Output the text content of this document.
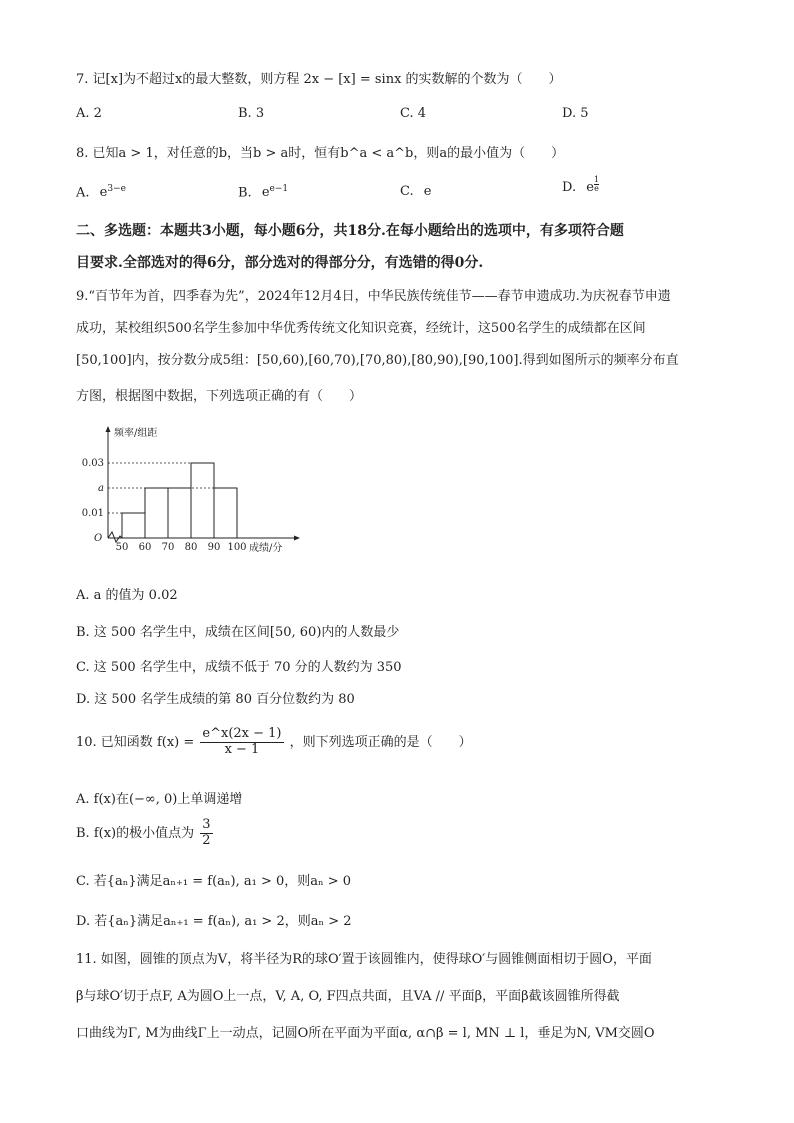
7. 记[x]为不超过x的最大整数，则方程 2x − [x] = sinx 的实数解的个数为（　　）
A. 2	B. 3	C. 4	D. 5
8. 已知a > 1，对任意的b，当b > a时，恒有b^a < a^b，则a的最小值为（　　）
A. $e^{3-e}$	B. $e^{e-1}$	C. e	D. e $\frac{1}{e}$
二、多选题：本题共3小题，每小题6分，共18分.在每小题给出的选项中，有多项符合题
目要求.全部选对的得6分，部分选对的得部分分，有选错的得0分.
9.“百节年为首，四季春为先”，2024年12月4日，中华民族传统佳节——春节申遗成功.为庆祝春节申遗
成功，某校组织500名学生参加中华优秀传统文化知识竞赛，经统计，这500名学生的成绩都在区间
[50,100]内，按分数分成5组：[50,60),[60,70),[70,80),[80,90),[90,100].得到如图所示的频率分布直
方图，根据图中数据，下列选项正确的有（　　）
频率/组距
O
0.01
a
0.03
50 60 70 80 90 100 成绩/分
A. a 的值为 0.02
B. 这 500 名学生中，成绩在区间[50, 60)内的人数最少
C. 这 500 名学生中，成绩不低于 70 分的人数约为 350
D. 这 500 名学生成绩的第 80 百分位数约为 80
10. 已知函数 $f(x) = \frac{e\^{}x(2x - 1)}{x - 1}$ ，则下列选项正确的是（　　）
A. f(x)在(−∞, 0)上单调递增
B. f(x)的极小值点为 $\frac{3}{2}$
C. 若{aₙ}满足aₙ₊₁ = f(aₙ), a₁ > 0，则aₙ > 0
D. 若{aₙ}满足aₙ₊₁ = f(aₙ), a₁ > 2，则aₙ > 2
11. 如图，圆锥的顶点为V，将半径为R的球O′置于该圆锥内，使得球O′与圆锥侧面相切于圆O，平面
β与球O′切于点F, A为圆O上一点，V, A, O, F四点共面，且VA // 平面β，平面β截该圆锥所得截
口曲线为Γ, M为曲线Γ上一动点，记圆O所在平面为平面α, α∩β = l, MN ⊥ l，垂足为N, VM交圆O
